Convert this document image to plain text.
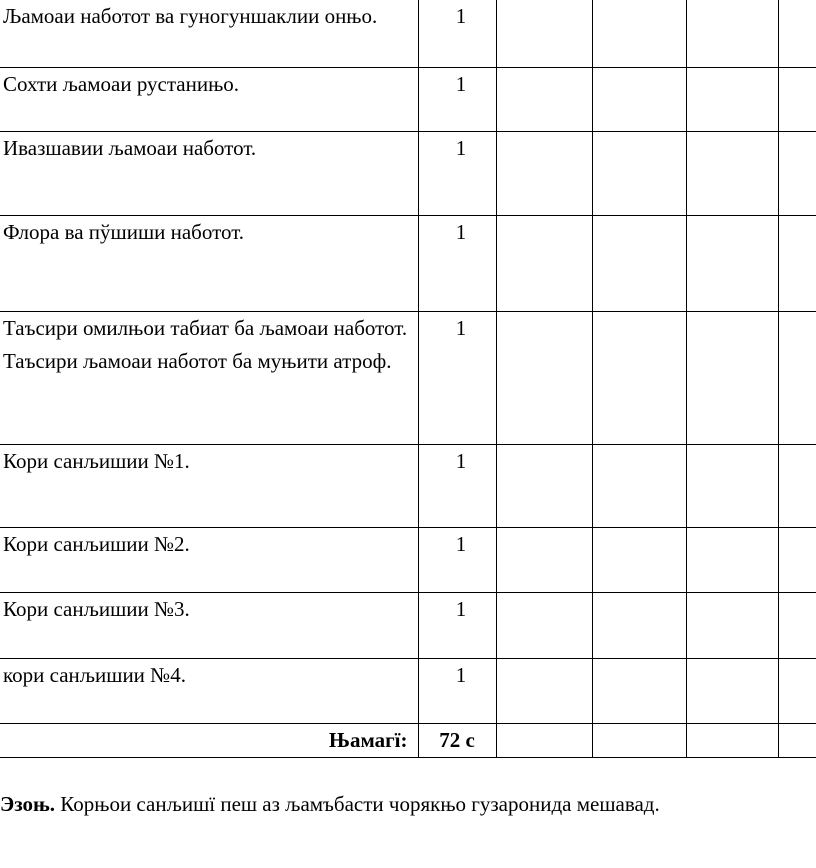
Љамоаи наботот ва гуногуншаклии онњо.	1				
Сохти љамоаи рустанињо.	1				
Ивазшавии љамоаи наботот.	1				
Флора ва пўшиши наботот.	1				
Таъсири омилњои табиат ба љамоаи наботот. Таъсири љамоаи наботот ба муњити атроф.	1				
Кори санљишии №1.	1				
Кори санљишии №2.	1				
Кори санљишии №3.	1				
кори санљишии №4.	1				
Њамагї:	72 с				
Эзоњ. Корњои санљишї пеш аз љамъбасти чорякњо гузаронида мешавад.
